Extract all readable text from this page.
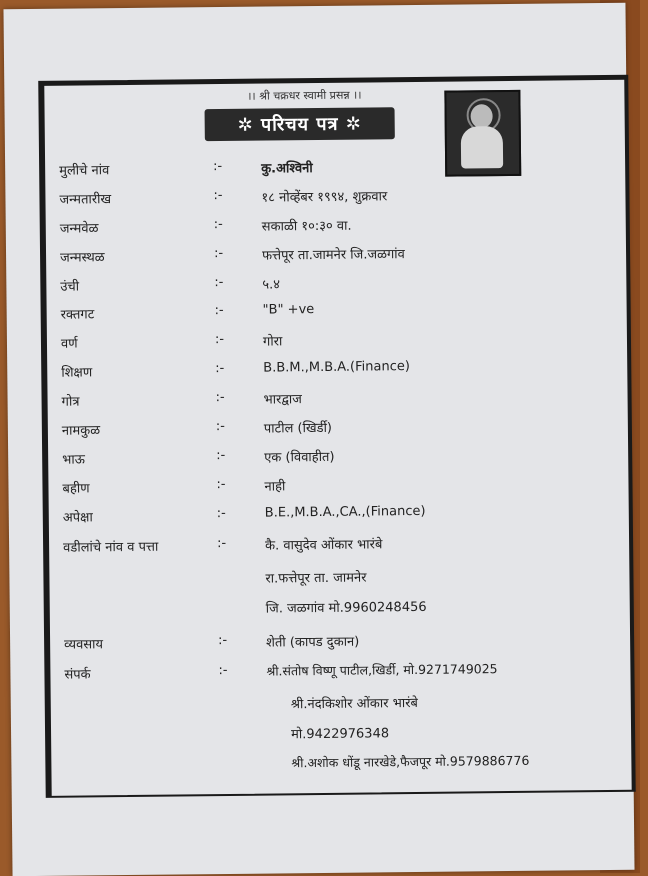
।। श्री चक्रधर स्वामी प्रसन्न ।।
✲ परिचय पत्र ✲
मुलीचे नांव	:-	कु.अश्विनी
जन्मतारीख	:-	१८ नोव्हेंबर १९९४, शुक्रवार
जन्मवेळ	:-	सकाळी १०:३० वा.
जन्मस्थळ	:-	फत्तेपूर ता.जामनेर जि.जळगांव
उंची	:-	५.४
रक्तगट	:-	"B" +ve
वर्ण	:-	गोरा
शिक्षण	:-	B.B.M.,M.B.A.(Finance)
गोत्र	:-	भारद्वाज
नामकुळ	:-	पाटील (खिर्डी)
भाऊ	:-	एक (विवाहीत)
बहीण	:-	नाही
अपेक्षा	:-	B.E.,M.B.A.,CA.,(Finance)
वडीलांचे नांव व पत्ता	:-	कै. वासुदेव ओंकार भारंबे
रा.फत्तेपूर ता. जामनेर
जि. जळगांव मो.9960248456
व्यवसाय	:-	शेती (कापड दुकान)
संपर्क	:-	श्री.संतोष विष्णू पाटील,खिर्डी, मो.9271749025
श्री.नंदकिशोर ओंकार भारंबे
मो.9422976348
श्री.अशोक धोंडू नारखेडे,फैजपूर मो.9579886776
